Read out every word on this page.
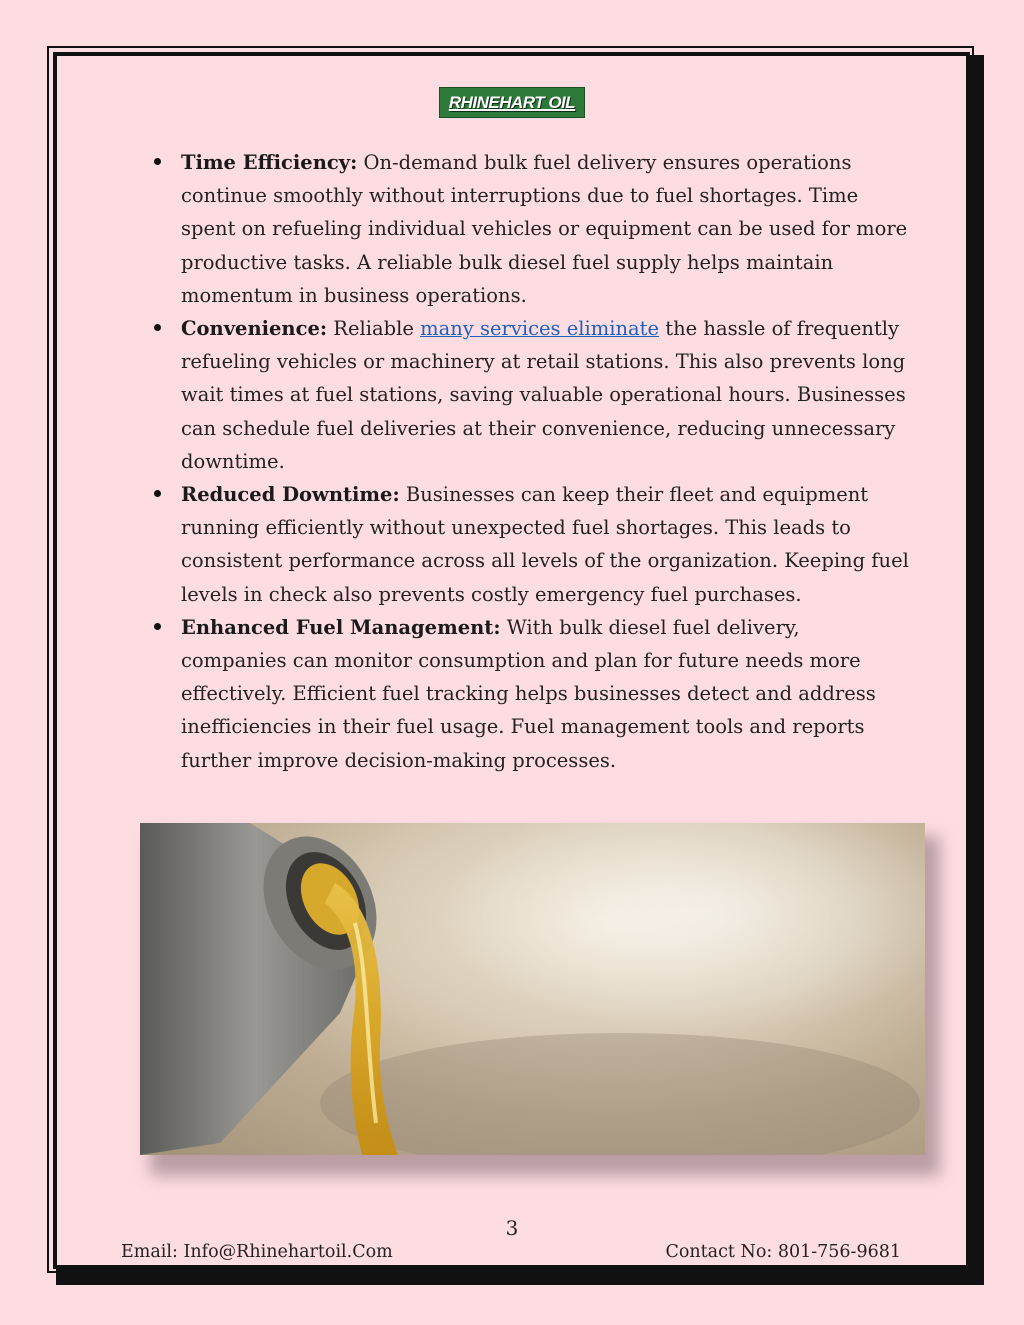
RHINEHART OIL

Time Efficiency: On-demand bulk fuel delivery ensures operations continue smoothly without interruptions due to fuel shortages. Time spent on refueling individual vehicles or equipment can be used for more productive tasks. A reliable bulk diesel fuel supply helps maintain momentum in business operations.

Convenience: Reliable many services eliminate the hassle of frequently refueling vehicles or machinery at retail stations. This also prevents long wait times at fuel stations, saving valuable operational hours. Businesses can schedule fuel deliveries at their convenience, reducing unnecessary downtime.

Reduced Downtime: Businesses can keep their fleet and equipment running efficiently without unexpected fuel shortages. This leads to consistent performance across all levels of the organization. Keeping fuel levels in check also prevents costly emergency fuel purchases.

Enhanced Fuel Management: With bulk diesel fuel delivery, companies can monitor consumption and plan for future needs more effectively. Efficient fuel tracking helps businesses detect and address inefficiencies in their fuel usage. Fuel management tools and reports further improve decision-making processes.

3
Email: Info@Rhinehartoil.Com	Contact No: 801-756-9681
